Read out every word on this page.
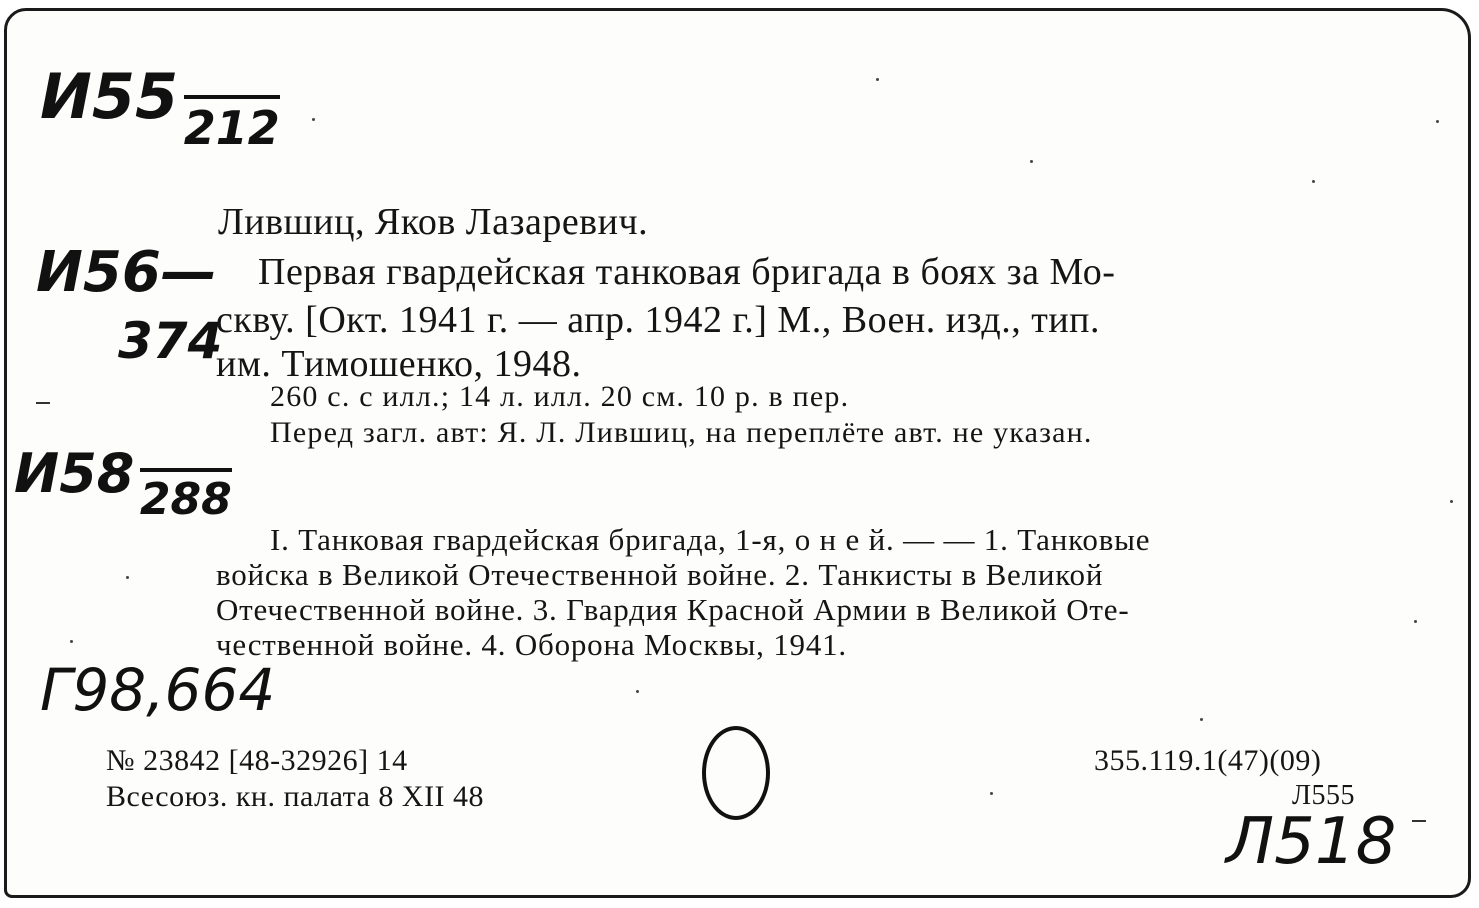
И55 212
И56—
374
И58 288
Г98,664
Л518
Лившиц, Яков Лазаревич.
Первая гвардейская танковая бригада в боях за Мо-
скву. [Окт. 1941 г. — апр. 1942 г.] М., Воен. изд., тип.
им. Тимошенко, 1948.
260 с. с илл.; 14 л. илл. 20 см. 10 р. в пер.
Перед загл. авт: Я. Л. Лившиц, на переплёте авт. не указан.
I. Танковая гвардейская бригада, 1-я, о н е й. — — 1. Танковые
войска в Великой Отечественной войне. 2. Танкисты в Великой
Отечественной войне. 3. Гвардия Красной Армии в Великой Оте-
чественной войне. 4. Оборона Москвы, 1941.
№ 23842 [48-32926] 14
Всесоюз. кн. палата 8 XII 48
355.119.1(47)(09)
Л555
